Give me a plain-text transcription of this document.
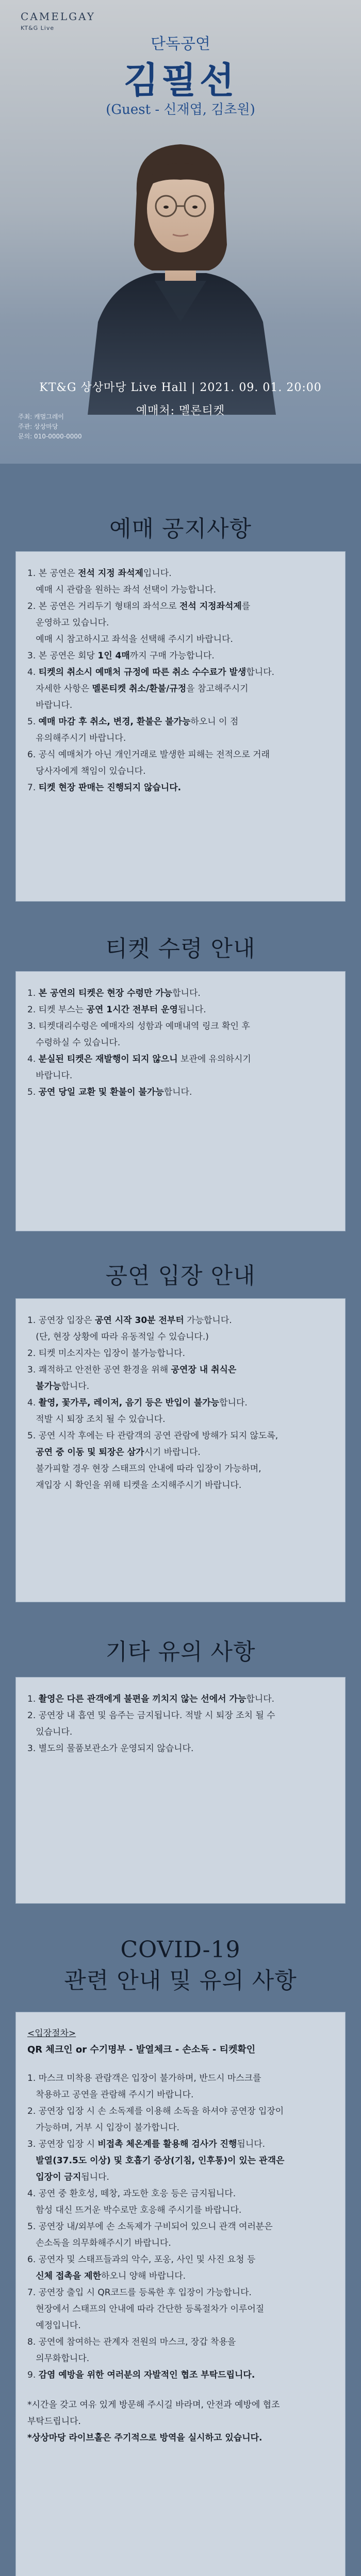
CAMELGAY
KT&G Live
단독공연
김필선
(Guest - 신재엽, 김초원)
KT&G 상상마당 Live Hall | 2021. 09. 01. 20:00
예매처: 멜론티켓
주최: 캐멀그레이
주관: 상상마당
문의: 010-0000-0000
예매 공지사항
1. 본 공연은 전석 지정 좌석제입니다.
예매 시 관람을 원하는 좌석 선택이 가능합니다.
2. 본 공연은 거리두기 형태의 좌석으로 전석 지정좌석제를
운영하고 있습니다.
예매 시 참고하시고 좌석을 선택해 주시기 바랍니다.
3. 본 공연은 회당 1인 4매까지 구매 가능합니다.
4. 티켓의 취소시 예매처 규정에 따른 취소 수수료가 발생합니다.
자세한 사항은 멜론티켓 취소/환불/규정을 참고해주시기
바랍니다.
5. 예매 마감 후 취소, 변경, 환불은 불가능하오니 이 점
유의해주시기 바랍니다.
6. 공식 예매처가 아닌 개인거래로 발생한 피해는 전적으로 거래
당사자에게 책임이 있습니다.
7. 티켓 현장 판매는 진행되지 않습니다.
티켓 수령 안내
1. 본 공연의 티켓은 현장 수령만 가능합니다.
2. 티켓 부스는 공연 1시간 전부터 운영됩니다.
3. 티켓대리수령은 예매자의 성함과 예매내역 링크 확인 후
수령하실 수 있습니다.
4. 분실된 티켓은 재발행이 되지 않으니 보관에 유의하시기
바랍니다.
5. 공연 당일 교환 및 환불이 불가능합니다.
공연 입장 안내
1. 공연장 입장은 공연 시작 30분 전부터 가능합니다.
(단, 현장 상황에 따라 유동적일 수 있습니다.)
2. 티켓 미소지자는 입장이 불가능합니다.
3. 쾌적하고 안전한 공연 환경을 위해 공연장 내 취식은
불가능합니다.
4. 촬영, 꽃가루, 레이저, 음기 등은 반입이 불가능합니다.
적발 시 퇴장 조치 될 수 있습니다.
5. 공연 시작 후에는 타 관람객의 공연 관람에 방해가 되지 않도록,
공연 중 이동 및 퇴장은 삼가시기 바랍니다.
불가피할 경우 현장 스태프의 안내에 따라 입장이 가능하며,
재입장 시 확인을 위해 티켓을 소지해주시기 바랍니다.
기타 유의 사항
1. 촬영은 다른 관객에게 불편을 끼치지 않는 선에서 가능합니다.
2. 공연장 내 흡연 및 음주는 금지됩니다. 적발 시 퇴장 조치 될 수
있습니다.
3. 별도의 물품보관소가 운영되지 않습니다.
COVID-19
관련 안내 및 유의 사항
<입장절차>
QR 체크인 or 수기명부 - 발열체크 - 손소독 - 티켓확인
1. 마스크 미착용 관람객은 입장이 불가하며, 반드시 마스크를
착용하고 공연을 관람해 주시기 바랍니다.
2. 공연장 입장 시 손 소독제를 이용해 소독을 하셔야 공연장 입장이
가능하며, 거부 시 입장이 불가합니다.
3. 공연장 입장 시 비접촉 체온계를 활용해 검사가 진행됩니다.
발열(37.5도 이상) 및 호흡기 증상(기침, 인후통)이 있는 관객은
입장이 금지됩니다.
4. 공연 중 환호성, 떼창, 과도한 호응 등은 금지됩니다.
함성 대신 뜨거운 박수로만 호응해 주시기를 바랍니다.
5. 공연장 내/외부에 손 소독제가 구비되어 있으니 관객 여러분은
손소독을 의무화해주시기 바랍니다.
6. 공연자 및 스태프들과의 악수, 포옹, 사인 및 사진 요청 등
신체 접촉을 제한하오니 양해 바랍니다.
7. 공연장 출입 시 QR코드를 등록한 후 입장이 가능합니다.
현장에서 스태프의 안내에 따라 간단한 등록절차가 이루어질
예정입니다.
8. 공연에 참여하는 관계자 전원의 마스크, 장갑 착용을
의무화합니다.
9. 감염 예방을 위한 여러분의 자발적인 협조 부탁드립니다.
*시간을 갖고 여유 있게 방문해 주시길 바라며, 안전과 예방에 협조
부탁드립니다.
*상상마당 라이브홀은 주기적으로 방역을 실시하고 있습니다.
